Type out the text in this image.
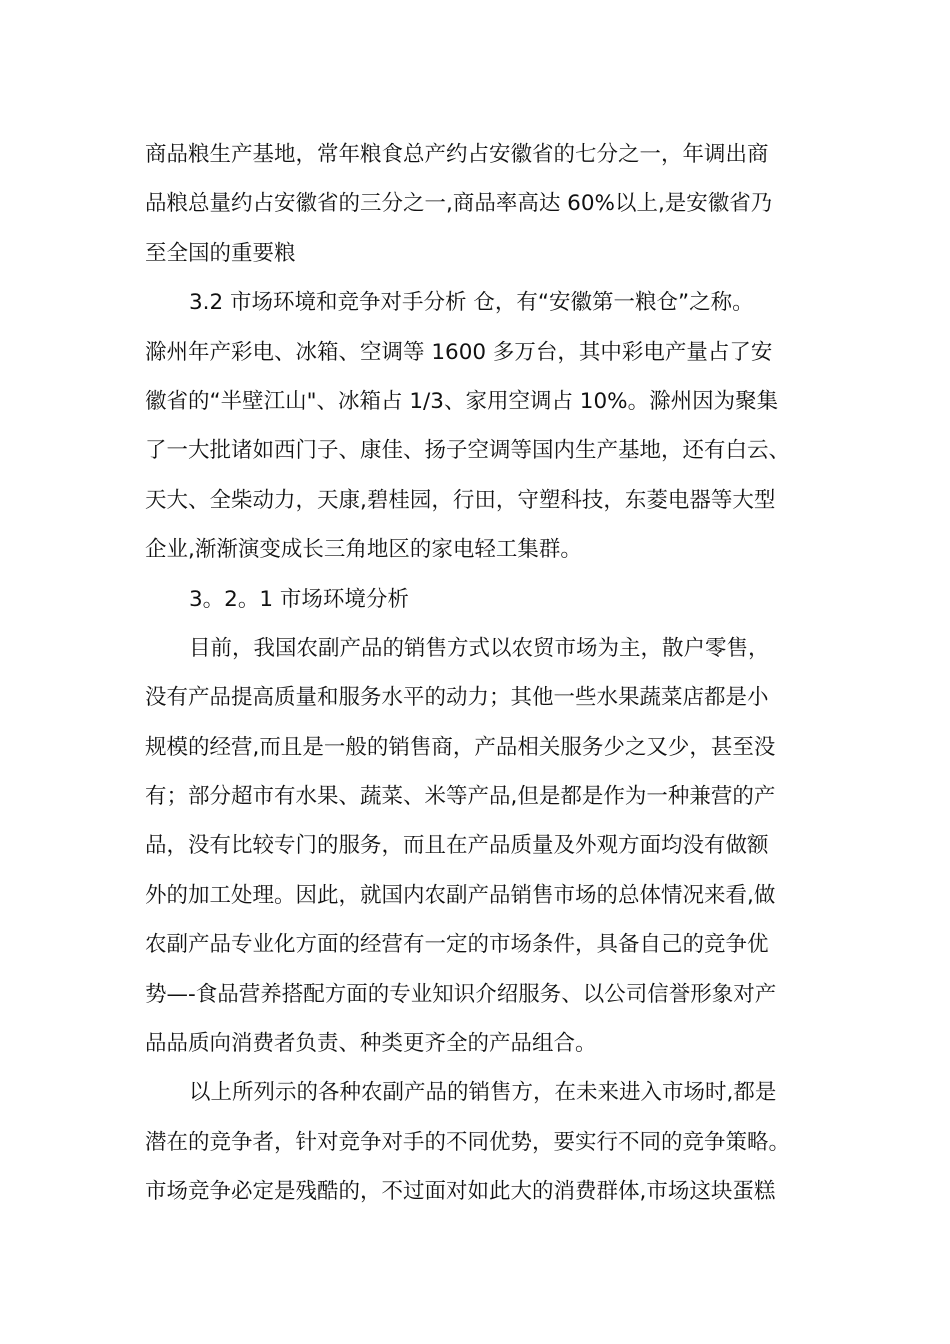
商品粮生产基地，常年粮食总产约占安徽省的七分之一，年调出商
品粮总量约占安徽省的三分之一,商品率高达 60%以上,是安徽省乃
至全国的重要粮
3.2 市场环境和竞争对手分析 仓，有“安徽第一粮仓”之称。
滁州年产彩电、冰箱、空调等 1600 多万台，其中彩电产量占了安
徽省的“半壁江山"、冰箱占 1/3、家用空调占 10%。滁州因为聚集
了一大批诸如西门子、康佳、扬子空调等国内生产基地，还有白云、
天大、全柴动力，天康,碧桂园，行田，守塑科技，东菱电器等大型
企业,渐渐演变成长三角地区的家电轻工集群。
3。2。1 市场环境分析
目前，我国农副产品的销售方式以农贸市场为主，散户零售，
没有产品提高质量和服务水平的动力；其他一些水果蔬菜店都是小
规模的经营,而且是一般的销售商，产品相关服务少之又少，甚至没
有；部分超市有水果、蔬菜、米等产品,但是都是作为一种兼营的产
品，没有比较专门的服务，而且在产品质量及外观方面均没有做额
外的加工处理。因此，就国内农副产品销售市场的总体情况来看,做
农副产品专业化方面的经营有一定的市场条件，具备自己的竞争优
势—-食品营养搭配方面的专业知识介绍服务、以公司信誉形象对产
品品质向消费者负责、种类更齐全的产品组合。
以上所列示的各种农副产品的销售方，在未来进入市场时,都是
潜在的竞争者，针对竞争对手的不同优势，要实行不同的竞争策略。
市场竞争必定是残酷的，不过面对如此大的消费群体,市场这块蛋糕
